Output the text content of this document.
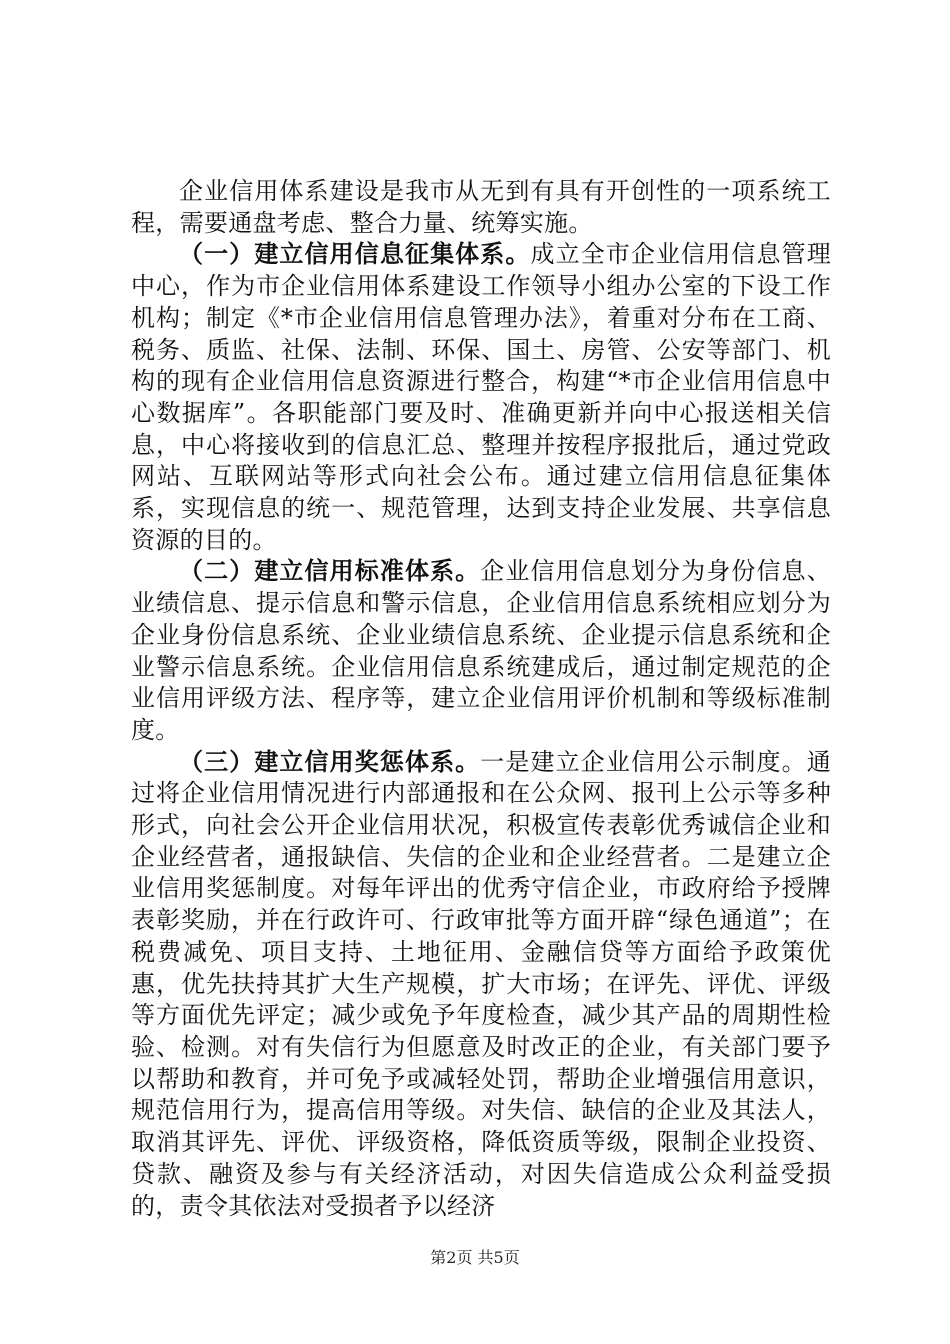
企业信用体系建设是我市从无到有具有开创性的一项系统工程，需要通盘考虑、整合力量、统筹实施。

（一）建立信用信息征集体系。成立全市企业信用信息管理中心，作为市企业信用体系建设工作领导小组办公室的下设工作机构；制定《*市企业信用信息管理办法》，着重对分布在工商、税务、质监、社保、法制、环保、国土、房管、公安等部门、机构的现有企业信用信息资源进行整合，构建“*市企业信用信息中心数据库”。各职能部门要及时、准确更新并向中心报送相关信息，中心将接收到的信息汇总、整理并按程序报批后，通过党政网站、互联网站等形式向社会公布。通过建立信用信息征集体系，实现信息的统一、规范管理，达到支持企业发展、共享信息资源的目的。

（二）建立信用标准体系。企业信用信息划分为身份信息、业绩信息、提示信息和警示信息，企业信用信息系统相应划分为企业身份信息系统、企业业绩信息系统、企业提示信息系统和企业警示信息系统。企业信用信息系统建成后，通过制定规范的企业信用评级方法、程序等，建立企业信用评价机制和等级标准制度。

（三）建立信用奖惩体系。一是建立企业信用公示制度。通过将企业信用情况进行内部通报和在公众网、报刊上公示等多种形式，向社会公开企业信用状况，积极宣传表彰优秀诚信企业和企业经营者，通报缺信、失信的企业和企业经营者。二是建立企业信用奖惩制度。对每年评出的优秀守信企业，市政府给予授牌表彰奖励，并在行政许可、行政审批等方面开辟“绿色通道”；在税费减免、项目支持、土地征用、金融信贷等方面给予政策优惠，优先扶持其扩大生产规模，扩大市场；在评先、评优、评级等方面优先评定；减少或免予年度检查，减少其产品的周期性检验、检测。对有失信行为但愿意及时改正的企业，有关部门要予以帮助和教育，并可免予或减轻处罚，帮助企业增强信用意识，规范信用行为，提高信用等级。对失信、缺信的企业及其法人，取消其评先、评优、评级资格，降低资质等级，限制企业投资、贷款、融资及参与有关经济活动，对因失信造成公众利益受损的，责令其依法对受损者予以经济

第2页 共5页
